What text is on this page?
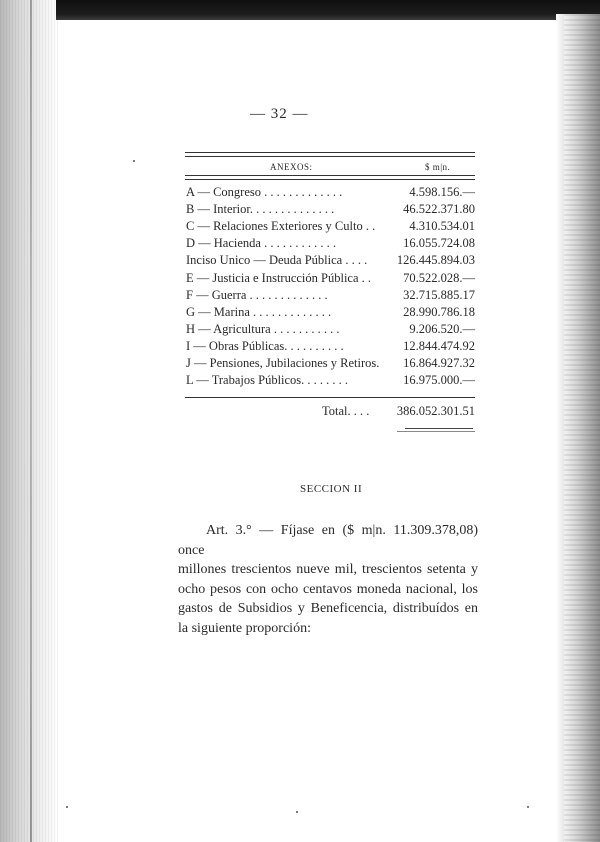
— 32 —
ANEXOS:	$ m|n.
A — Congreso . . . . . . . . . . . . .	4.598.156.—
B — Interior. . . . . . . . . . . . . .	46.522.371.80
C — Relaciones Exteriores y Culto . .	4.310.534.01
D — Hacienda . . . . . . . . . . . .	16.055.724.08
Inciso Unico — Deuda Pública . . . . 126.445.894.03
E — Justicia e Instrucción Pública . .	70.522.028.—
F — Guerra . . . . . . . . . . . . .	32.715.885.17
G — Marina . . . . . . . . . . . . .	28.990.786.18
H — Agricultura . . . . . . . . . . .	9.206.520.—
I — Obras Públicas. . . . . . . . . .	12.844.474.92
J — Pensiones, Jubilaciones y Retiros. 16.864.927.32
L — Trabajos Públicos. . . . . . . .	16.975.000.—
Total. . . . 386.052.301.51
SECCION II
Art. 3.° — Fíjase en ($ m|n. 11.309.378,08) once
millones trescientos nueve mil, trescientos setenta y ocho pesos con ocho centavos moneda nacional, los gastos de Subsidios y Beneficencia, distribuídos en la siguiente proporción:
